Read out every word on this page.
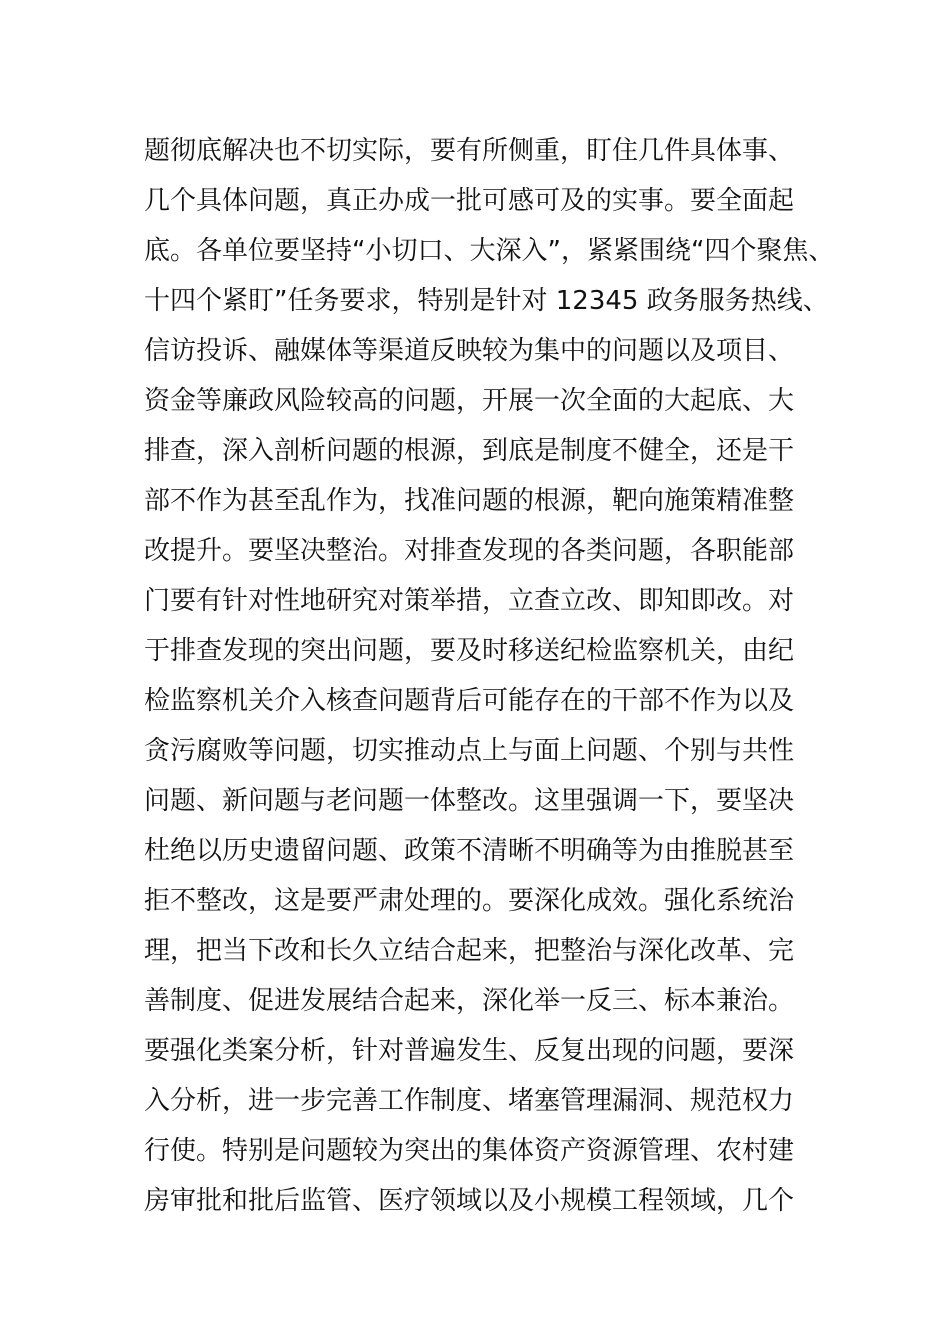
题彻底解决也不切实际，要有所侧重，盯住几件具体事、
几个具体问题，真正办成一批可感可及的实事。要全面起
底。各单位要坚持“小切口、大深入”，紧紧围绕“四个聚焦、
十四个紧盯”任务要求，特别是针对 12345 政务服务热线、
信访投诉、融媒体等渠道反映较为集中的问题以及项目、
资金等廉政风险较高的问题，开展一次全面的大起底、大
排查，深入剖析问题的根源，到底是制度不健全，还是干
部不作为甚至乱作为，找准问题的根源，靶向施策精准整
改提升。要坚决整治。对排查发现的各类问题，各职能部
门要有针对性地研究对策举措，立查立改、即知即改。对
于排查发现的突出问题，要及时移送纪检监察机关，由纪
检监察机关介入核查问题背后可能存在的干部不作为以及
贪污腐败等问题，切实推动点上与面上问题、个别与共性
问题、新问题与老问题一体整改。这里强调一下，要坚决
杜绝以历史遗留问题、政策不清晰不明确等为由推脱甚至
拒不整改，这是要严肃处理的。要深化成效。强化系统治
理，把当下改和长久立结合起来，把整治与深化改革、完
善制度、促进发展结合起来，深化举一反三、标本兼治。
要强化类案分析，针对普遍发生、反复出现的问题，要深
入分析，进一步完善工作制度、堵塞管理漏洞、规范权力
行使。特别是问题较为突出的集体资产资源管理、农村建
房审批和批后监管、医疗领域以及小规模工程领域，几个
